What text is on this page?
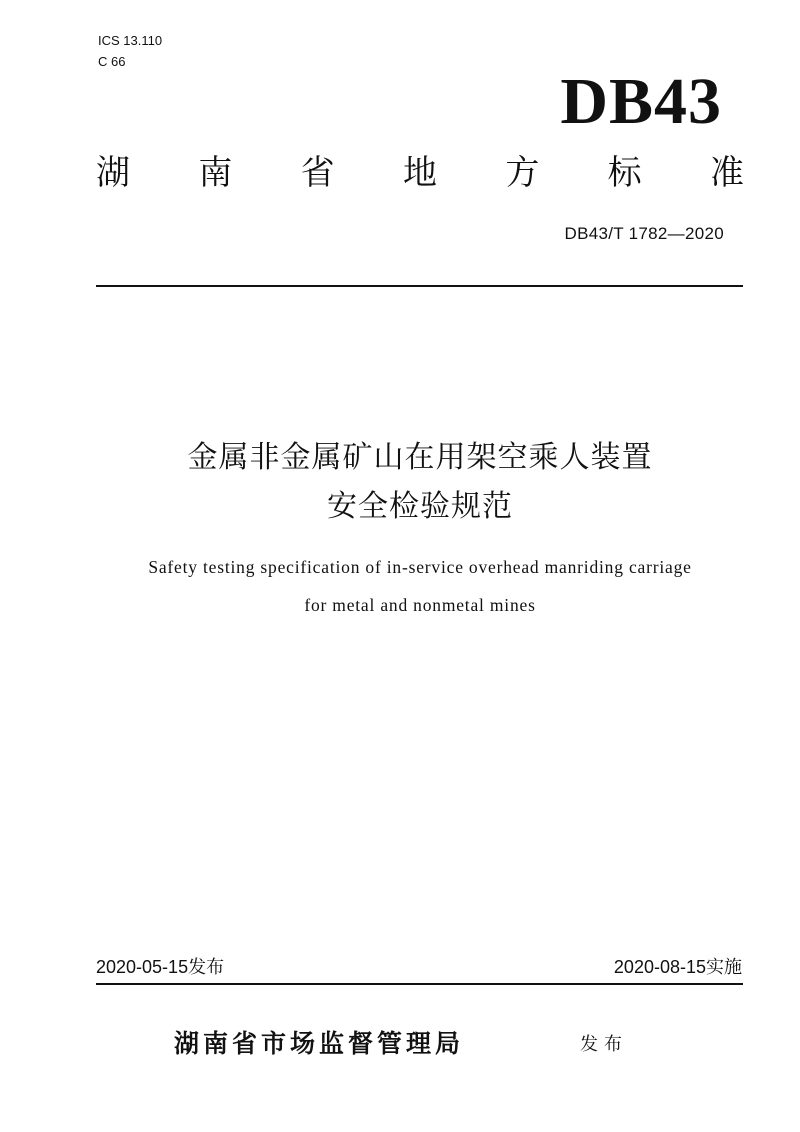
ICS 13.110
C 66
DB43
湖 南 省 地 方 标 准
DB43/T 1782—2020
金属非金属矿山在用架空乘人装置
安全检验规范
Safety testing specification of in-service overhead manriding carriage
for metal and nonmetal mines
2020-05-15发布	2020-08-15实施
湖南省市场监督管理局	发布
